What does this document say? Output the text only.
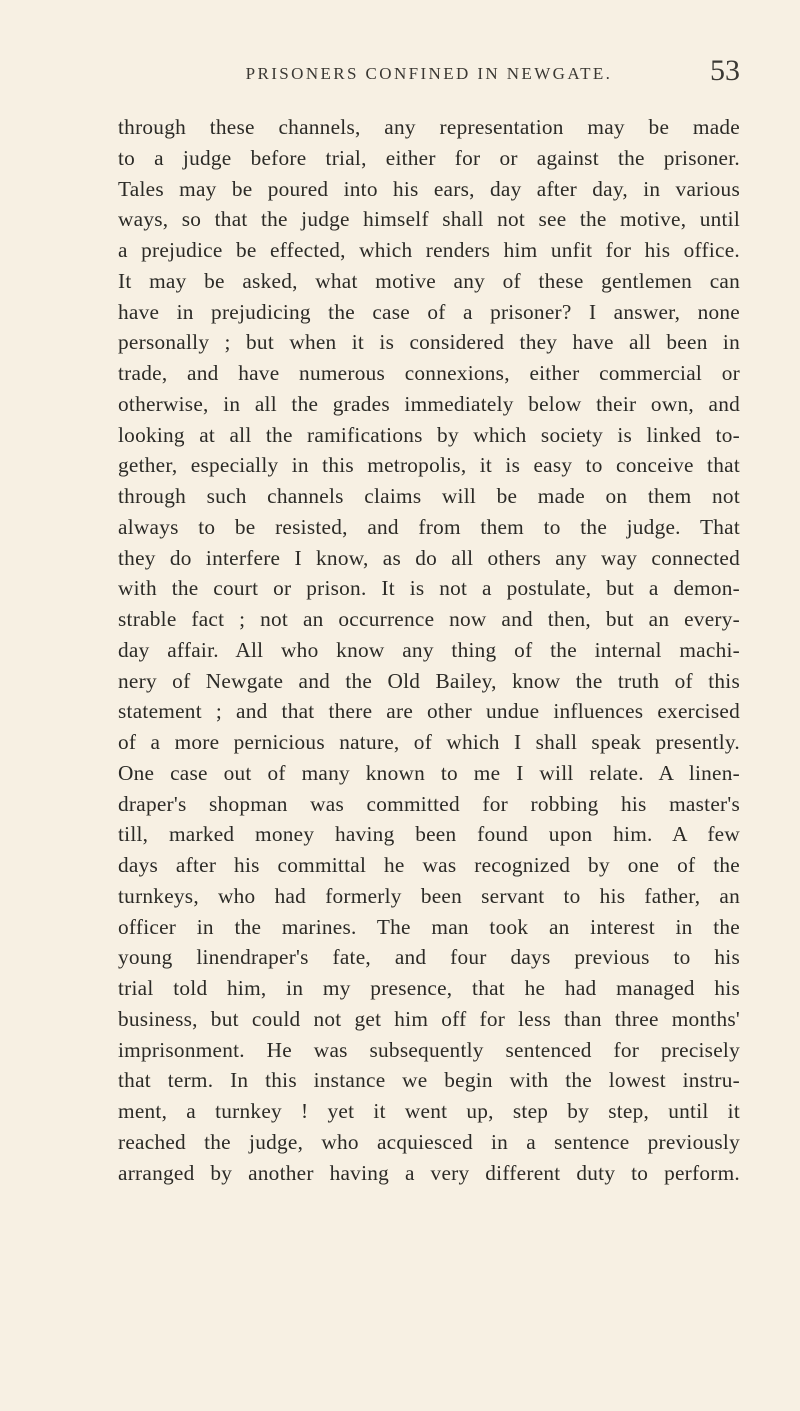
PRISONERS CONFINED IN NEWGATE.	53
through these channels, any representation may be made
to a judge before trial, either for or against the prisoner.
Tales may be poured into his ears, day after day, in various
ways, so that the judge himself shall not see the motive, until
a prejudice be effected, which renders him unfit for his office.
It may be asked, what motive any of these gentlemen can
have in prejudicing the case of a prisoner? I answer, none
personally ; but when it is considered they have all been in
trade, and have numerous connexions, either commercial or
otherwise, in all the grades immediately below their own, and
looking at all the ramifications by which society is linked to-
gether, especially in this metropolis, it is easy to conceive that
through such channels claims will be made on them not
always to be resisted, and from them to the judge. That
they do interfere I know, as do all others any way connected
with the court or prison. It is not a postulate, but a demon-
strable fact ; not an occurrence now and then, but an every-
day affair. All who know any thing of the internal machi-
nery of Newgate and the Old Bailey, know the truth of this
statement ; and that there are other undue influences exercised
of a more pernicious nature, of which I shall speak presently.
One case out of many known to me I will relate. A linen-
draper's shopman was committed for robbing his master's
till, marked money having been found upon him. A few
days after his committal he was recognized by one of the
turnkeys, who had formerly been servant to his father, an
officer in the marines. The man took an interest in the
young linendraper's fate, and four days previous to his
trial told him, in my presence, that he had managed his
business, but could not get him off for less than three months'
imprisonment. He was subsequently sentenced for precisely
that term. In this instance we begin with the lowest instru-
ment, a turnkey ! yet it went up, step by step, until it
reached the judge, who acquiesced in a sentence previously
arranged by another having a very different duty to perform.
